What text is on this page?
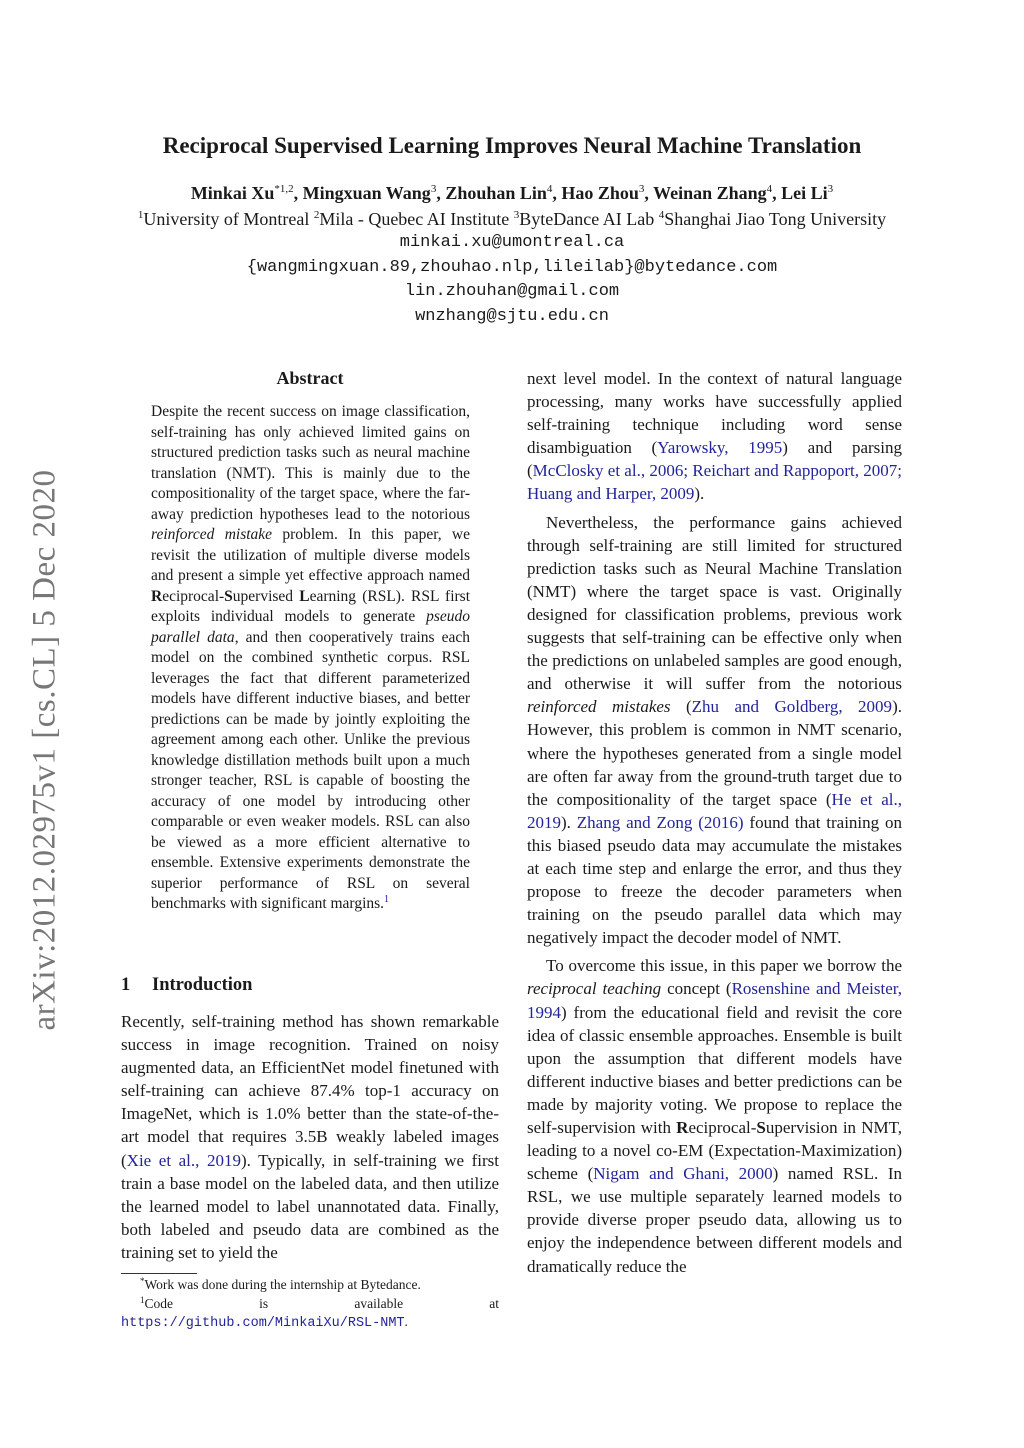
arXiv:2012.02975v1 [cs.CL] 5 Dec 2020
Reciprocal Supervised Learning Improves Neural Machine Translation
Minkai Xu$^{*1,2}$, Mingxuan Wang$^3$, Zhouhan Lin$^4$, Hao Zhou$^3$, Weinan Zhang$^4$, Lei Li$^3$
$^1$University of Montreal $^2$Mila - Quebec AI Institute $^3$ByteDance AI Lab $^4$Shanghai Jiao Tong University
minkai.xu@umontreal.ca
{wangmingxuan.89,zhouhao.nlp,lileilab}@bytedance.com
lin.zhouhan@gmail.com
wnzhang@sjtu.edu.cn
Abstract
Despite the recent success on image classification, self-training has only achieved limited gains on structured prediction tasks such as neural machine translation (NMT). This is mainly due to the compositionality of the target space, where the far-away prediction hypotheses lead to the notorious reinforced mistake problem. In this paper, we revisit the utilization of multiple diverse models and present a simple yet effective approach named Reciprocal-Supervised Learning (RSL). RSL first exploits individual models to generate pseudo parallel data, and then cooperatively trains each model on the combined synthetic corpus. RSL leverages the fact that different parameterized models have different inductive biases, and better predictions can be made by jointly exploiting the agreement among each other. Unlike the previous knowledge distillation methods built upon a much stronger teacher, RSL is capable of boosting the accuracy of one model by introducing other comparable or even weaker models. RSL can also be viewed as a more efficient alternative to ensemble. Extensive experiments demonstrate the superior performance of RSL on several benchmarks with significant margins.$^1$
1 Introduction

Recently, self-training method has shown remarkable success in image recognition. Trained on noisy augmented data, an EfficientNet model finetuned with self-training can achieve 87.4% top-1 accuracy on ImageNet, which is 1.0% better than the state-of-the-art model that requires 3.5B weakly labeled images (Xie et al., 2019). Typically, in self-training we first train a base model on the labeled data, and then utilize the learned model to label unannotated data. Finally, both labeled and pseudo data are combined as the training set to yield the

next level model. In the context of natural language processing, many works have successfully applied self-training technique including word sense disambiguation (Yarowsky, 1995) and parsing (McClosky et al., 2006; Reichart and Rappoport, 2007; Huang and Harper, 2009).

Nevertheless, the performance gains achieved through self-training are still limited for structured prediction tasks such as Neural Machine Translation (NMT) where the target space is vast. Originally designed for classification problems, previous work suggests that self-training can be effective only when the predictions on unlabeled samples are good enough, and otherwise it will suffer from the notorious reinforced mistakes (Zhu and Goldberg, 2009). However, this problem is common in NMT scenario, where the hypotheses generated from a single model are often far away from the ground-truth target due to the compositionality of the target space (He et al., 2019). Zhang and Zong (2016) found that training on this biased pseudo data may accumulate the mistakes at each time step and enlarge the error, and thus they propose to freeze the decoder parameters when training on the pseudo parallel data which may negatively impact the decoder model of NMT.

To overcome this issue, in this paper we borrow the reciprocal teaching concept (Rosenshine and Meister, 1994) from the educational field and revisit the core idea of classic ensemble approaches. Ensemble is built upon the assumption that different models have different inductive biases and better predictions can be made by majority voting. We propose to replace the self-supervision with Reciprocal-Supervision in NMT, leading to a novel co-EM (Expectation-Maximization) scheme (Nigam and Ghani, 2000) named RSL. In RSL, we use multiple separately learned models to provide diverse proper pseudo data, allowing us to enjoy the independence between different models and dramatically reduce the

*Work was done during the internship at Bytedance.
$^1$Code is available at https://github.com/MinkaiXu/RSL-NMT.
